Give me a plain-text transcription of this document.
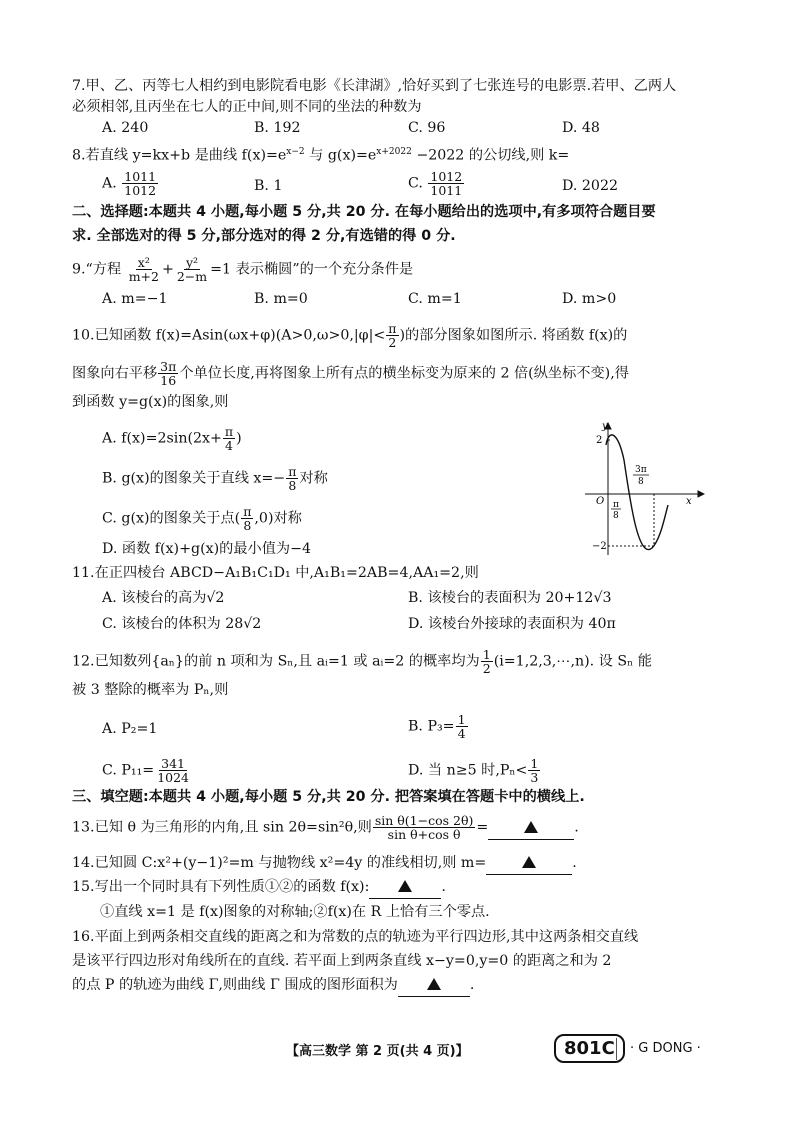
7.甲、乙、丙等七人相约到电影院看电影《长津湖》,恰好买到了七张连号的电影票.若甲、乙两人
必须相邻,且丙坐在七人的正中间,则不同的坐法的种数为
A. 240	B. 192	C. 96	D. 48
8.若直线 y=kx+b 是曲线 $f(x)=e^{x-2}$ 与 $g(x)=e^{x+2022} -2022$ 的公切线,则 k=
A. $\frac{1011}{1012}$	B. 1	C. $\frac{1012}{1011}$	D. 2022
二、选择题:本题共 4 小题,每小题 5 分,共 20 分. 在每小题给出的选项中,有多项符合题目要
求. 全部选对的得 5 分,部分选对的得 2 分,有选错的得 0 分.
9.“方程 $\frac{\text{x²}}{m+2} + \frac{\text{y²}}{2-m} =1$ 表示椭圆”的一个充分条件是
A. m=−1	B. m=0	C. m=1	D. m>0
10.已知函数 $f(x)=Asin(\omega x+\varphi)(A>0,\omega>0,|\varphi|< \frac{\pi}{2}$ )的部分图象如图所示. 将函数 f(x)的
图象向右平移 $\frac{3\pi}{16}$ 个单位长度,再将图象上所有点的横坐标变为原来的 2 倍(纵坐标不变),得
到函数 y=g(x)的图象,则
A. $f(x)=2\sin(2x+ \frac{\pi}{4}$ )
B. g(x)的图象关于直线 $x=- \frac{\pi}{8}$ 对称
C. g(x)的图象关于点( $\frac{\pi}{8} ,0$)对称
D. 函数 f(x)+g(x)的最小值为−4
y
x
O
2
−2
π
8
3π
8
11.在正四棱台 ABCD−A₁B₁C₁D₁ 中,A₁B₁=2AB=4,AA₁=2,则
A. 该棱台的高为√2	B. 该棱台的表面积为 20+12√3
C. 该棱台的体积为 28√2	D. 该棱台外接球的表面积为 40π
12.已知数列{aₙ}的前 n 项和为 Sₙ,且 aᵢ=1 或 aᵢ=2 的概率均为 $\frac{1}{2}$ (i=1,2,3,⋯,n). 设 Sₙ 能
被 3 整除的概率为 Pₙ,则
A. P₂=1	B. $P_3= \frac{1}{4}$
C. $P_{11}= \frac{341}{1024}$	D. 当 n≥5 时$,P_n< \frac{1}{3}$
三、填空题:本题共 4 小题,每小题 5 分,共 20 分. 把答案填在答题卡中的横线上.
13.已知 θ 为三角形的内角,且 sin 2θ=sin²θ,则 $\frac{\text{sin θ(1−cos 2θ)}}{\text{sin θ+cos θ}}$ =	.
14.已知圆 C:x²+(y−1)²=m 与抛物线 x²=4y 的准线相切,则 m=	.
15.写出一个同时具有下列性质①②的函数 f(x):	.
①直线 x=1 是 f(x)图象的对称轴;②f(x)在 R 上恰有三个零点.
16.平面上到两条相交直线的距离之和为常数的点的轨迹为平行四边形,其中这两条相交直线
是该平行四边形对角线所在的直线. 若平面上到两条直线 x−y=0,y=0 的距离之和为 2
的点 P 的轨迹为曲线 Γ,则曲线 Γ 围成的图形面积为	.
【高三数学 第 2 页(共 4 页)】	801C	· G DONG ·
